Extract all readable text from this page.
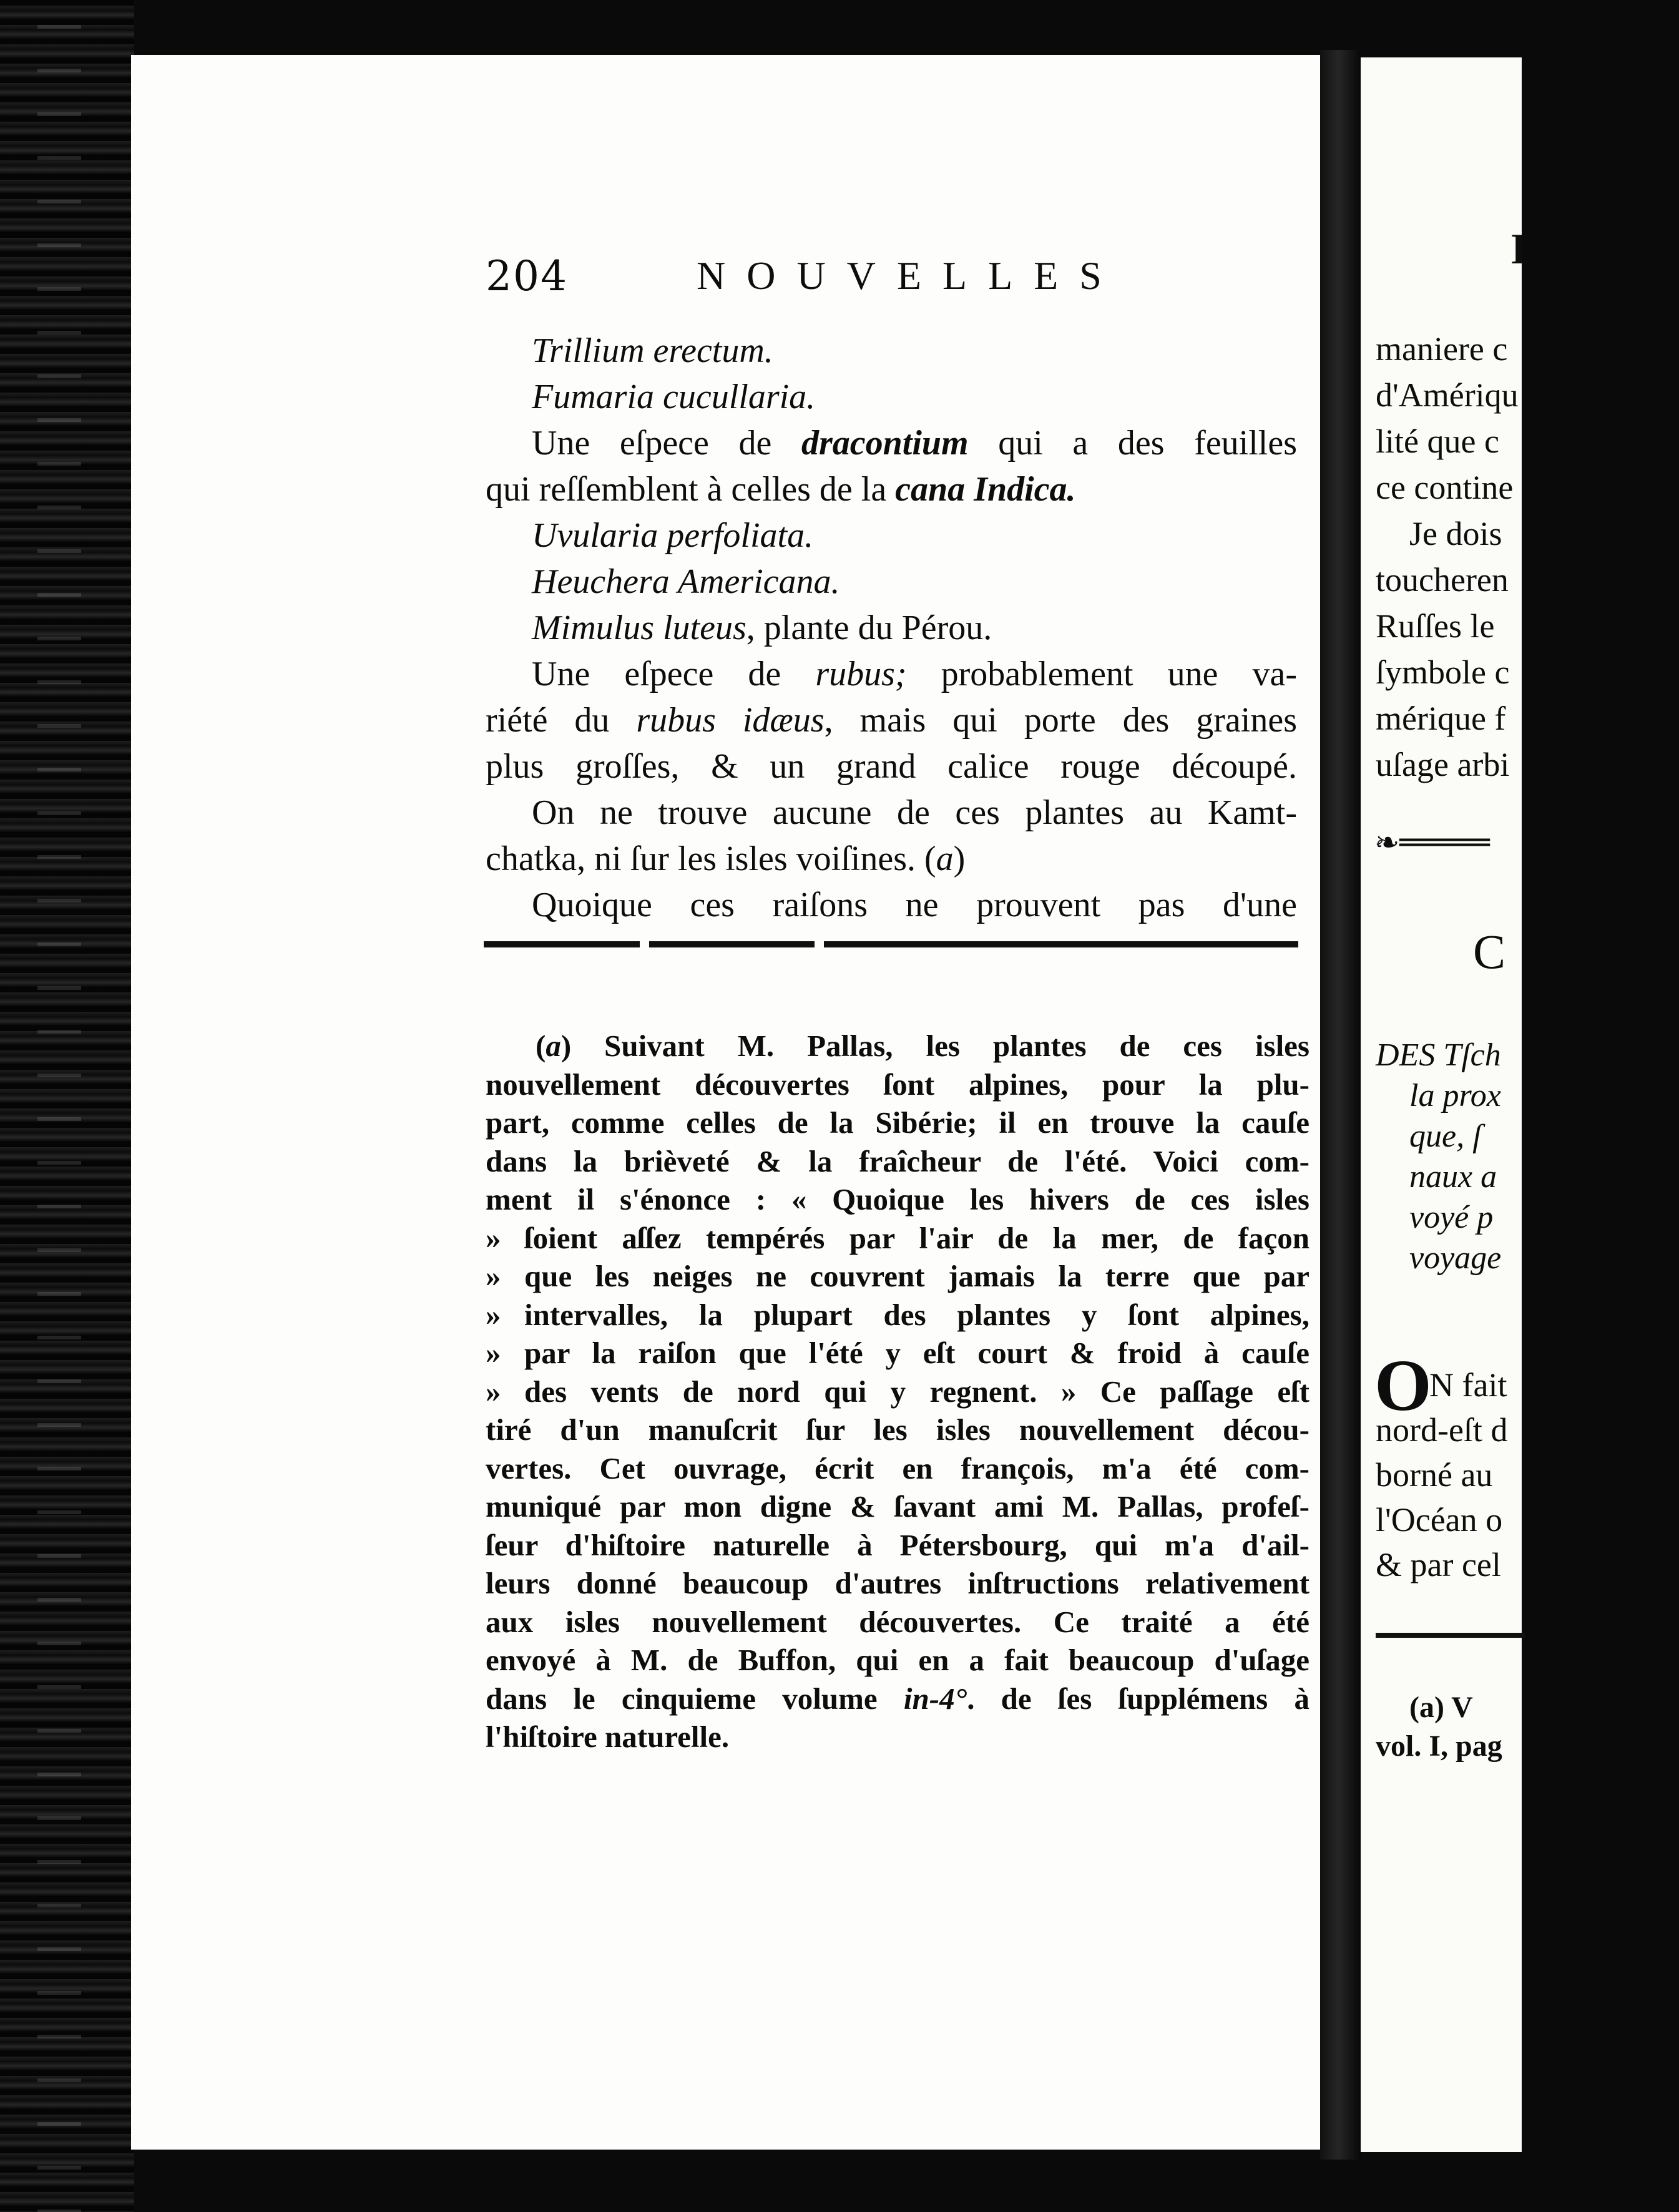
204	NOUVELLES
Trillium erectum.
Fumaria cucullaria.
Une eſpece de dracontium qui a des feuilles
qui reſſemblent à celles de la cana Indica.
Uvularia perfoliata.
Heuchera Americana.
Mimulus luteus, plante du Pérou.
Une eſpece de rubus; probablement une va-
riété du rubus idæus, mais qui porte des graines
plus groſſes, & un grand calice rouge découpé.
On ne trouve aucune de ces plantes au Kamt-
chatka, ni ſur les isles voiſines. (a)
Quoique ces raiſons ne prouvent pas d'une
(a) Suivant M. Pallas, les plantes de ces isles
nouvellement découvertes ſont alpines, pour la plu-
part, comme celles de la Sibérie; il en trouve la cauſe
dans la brièveté & la fraîcheur de l'été. Voici com-
ment il s'énonce : « Quoique les hivers de ces isles
» ſoient aſſez tempérés par l'air de la mer, de façon
» que les neiges ne couvrent jamais la terre que par
» intervalles, la plupart des plantes y ſont alpines,
» par la raiſon que l'été y eſt court & froid à cauſe
» des vents de nord qui y regnent. » Ce paſſage eſt
tiré d'un manuſcrit ſur les isles nouvellement décou-
vertes. Cet ouvrage, écrit en françois, m'a été com-
muniqué par mon digne & ſavant ami M. Pallas, profeſ-
ſeur d'hiſtoire naturelle à Pétersbourg, qui m'a d'ail-
leurs donné beaucoup d'autres inſtructions relativement
aux isles nouvellement découvertes. Ce traité a été
envoyé à M. de Buffon, qui en a fait beaucoup d'uſage
dans le cinquieme volume in-4°. de ſes ſupplémens à
l'hiſtoire naturelle.
I
maniere c
d'Amériqu
lité que c
ce contine
Je dois
toucheren
Ruſſes le
ſymbole c
mérique f
uſage arbi
❧═════
C
DES Tſch
la prox
que, ſ
naux a
voyé p
voyage
O
N fait
nord-eſt d
borné au
l'Océan o
& par cel
(a) V
vol. I, pag
